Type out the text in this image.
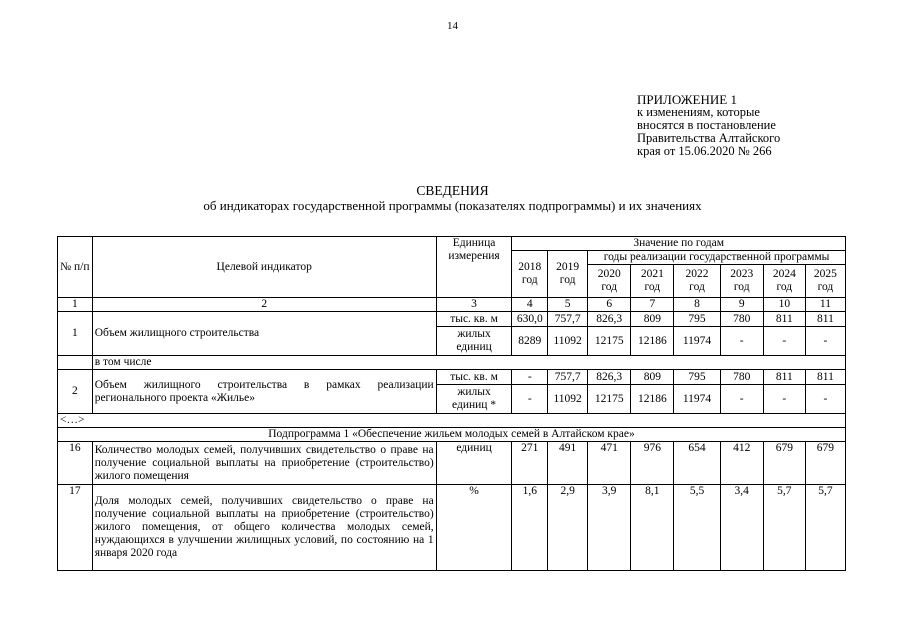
14
ПРИЛОЖЕНИЕ 1
к изменениям, которые
вносятся в постановление
Правительства Алтайского
края от 15.06.2020 № 266
СВЕДЕНИЯ
об индикаторах государственной программы (показателях подпрограммы) и их значениях
№ п/п	Целевой индикатор	Единица измерения	Значение по годам							
			2018 год	2019 год	годы реализации государственной программы					
					2020 год	2021 год	2022 год	2023 год	2024 год	2025 год
1	2	3	4	5	6	7	8	9	10	11
1	Объем жилищного строительства	тыс. кв. м	630,0	757,7	826,3	809	795	780	811	811
		жилых единиц	8289	11092	12175	12186	11974	-	-	-
	в том числе									
2	Объем жилищного строительства в рамках реализации регионального проекта «Жилье»	тыс. кв. м	-	757,7	826,3	809	795	780	811	811
		жилых единиц *	-	11092	12175	12186	11974	-	-	-
<…>										
Подпрограмма 1 «Обеспечение жильем молодых семей в Алтайском крае»										
16	Количество молодых семей, получивших свидетельство о праве на получение социальной выплаты на приобретение (строительство) жилого помещения	единиц	271	491	471	976	654	412	679	679
17	Доля молодых семей, получивших свидетельство о праве на получение социальной выплаты на приобретение (строительство) жилого помещения, от общего количества молодых семей, нуждающихся в улучшении жилищных условий, по состоянию на 1 января 2020 года	%	1,6	2,9	3,9	8,1	5,5	3,4	5,7	5,7
